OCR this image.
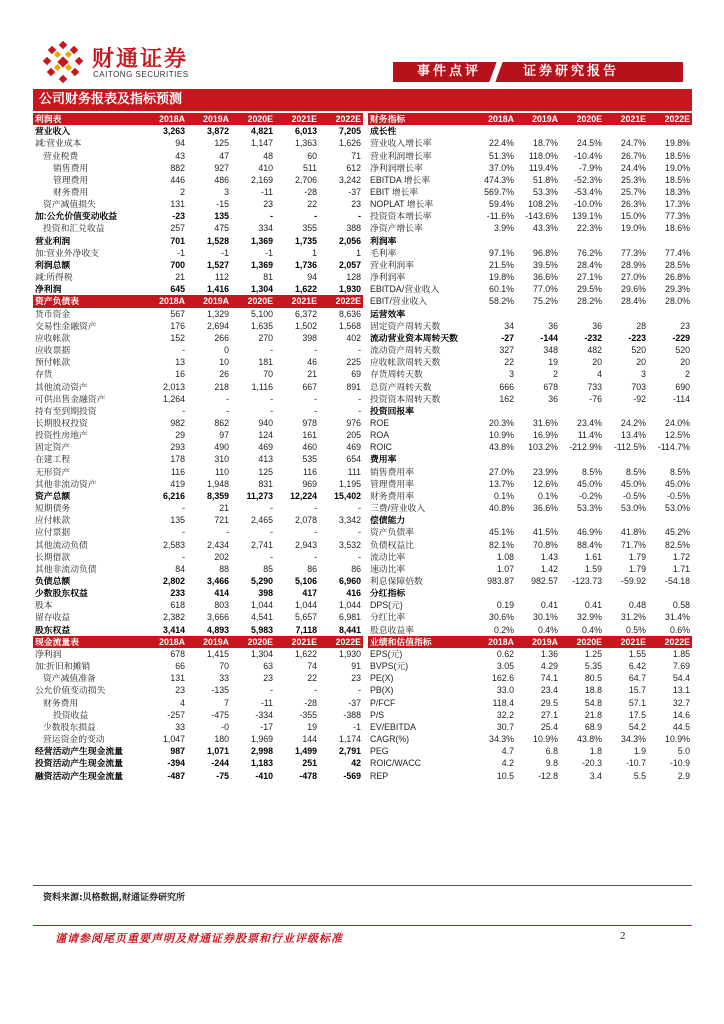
财通证券
CAITONG SECURITIES	事件点评	证券研究报告
公司财务报表及指标预测
利润表	2018A	2019A	2020E	2021E	2022E
营业收入	3,263	3,872	4,821	6,013	7,205
减:营业成本	94	125	1,147	1,363	1,626
营业税费	43	47	48	60	71
销售费用	882	927	410	511	612
管理费用	446	486	2,169	2,706	3,242
财务费用	2	3	-11	-28	-37
资产减值损失	131	-15	23	22	23
加:公允价值变动收益	-23	135	-	-	-
投资和汇兑收益	257	475	334	355	388
营业利润	701	1,528	1,369	1,735	2,056
加:营业外净收支	-1	-1	-1	1	1
利润总额	700	1,527	1,369	1,736	2,057
减:所得税	21	112	81	94	128
净利润	645	1,416	1,304	1,622	1,930
资产负债表	2018A	2019A	2020E	2021E	2022E
货币资金	567	1,329	5,100	6,372	8,636
交易性金融资产	176	2,694	1,635	1,502	1,568
应收帐款	152	266	270	398	402
应收票据	-	0	-	-	-
预付帐款	13	10	181	46	225
存货	16	26	70	21	69
其他流动资产	2,013	218	1,116	667	891
可供出售金融资产	1,264	-	-	-	-
持有至到期投资	-	-	-	-	-
长期股权投资	982	862	940	978	976
投资性房地产	29	97	124	161	205
固定资产	293	490	469	460	469
在建工程	178	310	413	535	654
无形资产	116	110	125	116	111
其他非流动资产	419	1,948	831	969	1,195
资产总额	6,216	8,359	11,273	12,224	15,402
短期债务	-	21	-	-	-
应付帐款	135	721	2,465	2,078	3,342
应付票据	-	-	-	-	-
其他流动负债	2,583	2,434	2,741	2,943	3,532
长期借款	-	202	-	-	-
其他非流动负债	84	88	85	86	86
负债总额	2,802	3,466	5,290	5,106	6,960
少数股东权益	233	414	398	417	416
股本	618	803	1,044	1,044	1,044
留存收益	2,382	3,666	4,541	5,657	6,981
股东权益	3,414	4,893	5,983	7,118	8,441
现金流量表	2018A	2019A	2020E	2021E	2022E
净利润	678	1,415	1,304	1,622	1,930
加:折旧和摊销	66	70	63	74	91
资产减值准备	131	33	23	22	23
公允价值变动损失	23	-135	-	-	-
财务费用	4	7	-11	-28	-37
投资收益	-257	-475	-334	-355	-388
少数股东损益	33	-0	-17	19	-1
营运资金的变动	1,047	180	1,969	144	1,174
经营活动产生现金流量	987	1,071	2,998	1,499	2,791
投资活动产生现金流量	-394	-244	1,183	251	42
融资活动产生现金流量	-487	-75	-410	-478	-569
财务指标	2018A	2019A	2020E	2021E	2022E
成长性					
营业收入增长率	22.4%	18.7%	24.5%	24.7%	19.8%
营业利润增长率	51.3%	118.0%	-10.4%	26.7%	18.5%
净利润增长率	37.0%	119.4%	-7.9%	24.4%	19.0%
EBITDA 增长率	474.3%	51.8%	-52.3%	25.3%	18.5%
EBIT 增长率	569.7%	53.3%	-53.4%	25.7%	18.3%
NOPLAT 增长率	59.4%	108.2%	-10.0%	26.3%	17.3%
投资资本增长率	-11.6%	-143.6%	139.1%	15.0%	77.3%
净资产增长率	3.9%	43.3%	22.3%	19.0%	18.6%
利润率					
毛利率	97.1%	96.8%	76.2%	77.3%	77.4%
营业利润率	21.5%	39.5%	28.4%	28.9%	28.5%
净利润率	19.8%	36.6%	27.1%	27.0%	26.8%
EBITDA/营业收入	60.1%	77.0%	29.5%	29.6%	29.3%
EBIT/营业收入	58.2%	75.2%	28.2%	28.4%	28.0%
运营效率					
固定资产周转天数	34	36	36	28	23
流动营业资本周转天数	-27	-144	-232	-223	-229
流动资产周转天数	327	348	482	520	520
应收帐款周转天数	22	19	20	20	20
存货周转天数	3	2	4	3	2
总资产周转天数	666	678	733	703	690
投资资本周转天数	162	36	-76	-92	-114
投资回报率					
ROE	20.3%	31.6%	23.4%	24.2%	24.0%
ROA	10.9%	16.9%	11.4%	13.4%	12.5%
ROIC	43.8%	103.2%	-212.9%	-112.5%	-114.7%
费用率					
销售费用率	27.0%	23.9%	8.5%	8.5%	8.5%
管理费用率	13.7%	12.6%	45.0%	45.0%	45.0%
财务费用率	0.1%	0.1%	-0.2%	-0.5%	-0.5%
三费/营业收入	40.8%	36.6%	53.3%	53.0%	53.0%
偿债能力					
资产负债率	45.1%	41.5%	46.9%	41.8%	45.2%
负债权益比	82.1%	70.8%	88.4%	71.7%	82.5%
流动比率	1.08	1.43	1.61	1.79	1.72
速动比率	1.07	1.42	1.59	1.79	1.71
利息保障倍数	983.87	982.57	-123.73	-59.92	-54.18
分红指标					
DPS(元)	0.19	0.41	0.41	0.48	0.58
分红比率	30.6%	30.1%	32.9%	31.2%	31.4%
股息收益率	0.2%	0.4%	0.4%	0.5%	0.6%
业绩和估值指标	2018A	2019A	2020E	2021E	2022E
EPS(元)	0.62	1.36	1.25	1.55	1.85
BVPS(元)	3.05	4.29	5.35	6.42	7.69
PE(X)	162.6	74.1	80.5	64.7	54.4
PB(X)	33.0	23.4	18.8	15.7	13.1
P/FCF	118.4	29.5	54.8	57.1	32.7
P/S	32.2	27.1	21.8	17.5	14.6
EV/EBITDA	30.7	25.4	68.9	54.2	44.5
CAGR(%)	34.3%	10.9%	43.8%	34.3%	10.9%
PEG	4.7	6.8	1.8	1.9	5.0
ROIC/WACC	4.2	9.8	-20.3	-10.7	-10.9
REP	10.5	-12.8	3.4	5.5	2.9
资料来源:贝格数据,财通证券研究所
谨请参阅尾页重要声明及财通证券股票和行业评级标准	2
